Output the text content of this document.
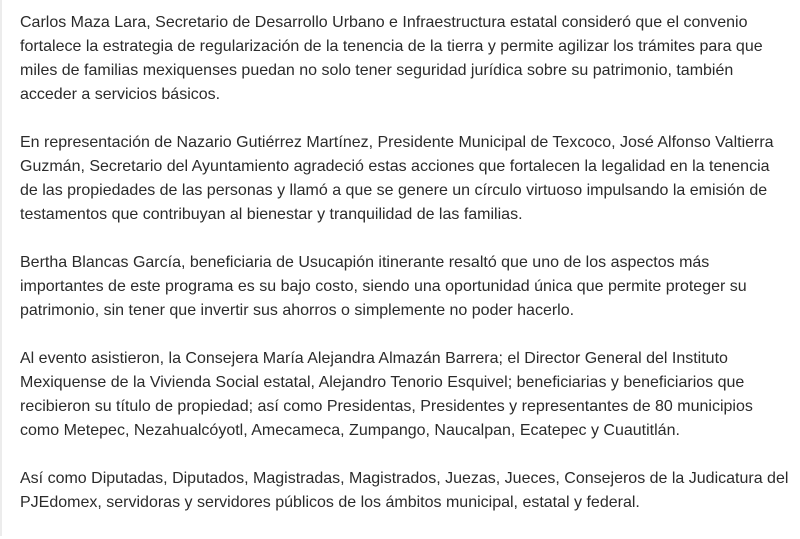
Carlos Maza Lara, Secretario de Desarrollo Urbano e Infraestructura estatal consideró que el convenio fortalece la estrategia de regularización de la tenencia de la tierra y permite agilizar los trámites para que miles de familias mexiquenses puedan no solo tener seguridad jurídica sobre su patrimonio, también acceder a servicios básicos.

En representación de Nazario Gutiérrez Martínez, Presidente Municipal de Texcoco, José Alfonso Valtierra Guzmán, Secretario del Ayuntamiento agradeció estas acciones que fortalecen la legalidad en la tenencia de las propiedades de las personas y llamó a que se genere un círculo virtuoso impulsando la emisión de testamentos que contribuyan al bienestar y tranquilidad de las familias.

Bertha Blancas García, beneficiaria de Usucapión itinerante resaltó que uno de los aspectos más importantes de este programa es su bajo costo, siendo una oportunidad única que permite proteger su patrimonio, sin tener que invertir sus ahorros o simplemente no poder hacerlo.

Al evento asistieron, la Consejera María Alejandra Almazán Barrera; el Director General del Instituto Mexiquense de la Vivienda Social estatal, Alejandro Tenorio Esquivel; beneficiarias y beneficiarios que recibieron su título de propiedad; así como Presidentas, Presidentes y representantes de 80 municipios como Metepec, Nezahualcóyotl, Amecameca, Zumpango, Naucalpan, Ecatepec y Cuautitlán.

Así como Diputadas, Diputados, Magistradas, Magistrados, Juezas, Jueces, Consejeros de la Judicatura del PJEdomex, servidoras y servidores públicos de los ámbitos municipal, estatal y federal.
